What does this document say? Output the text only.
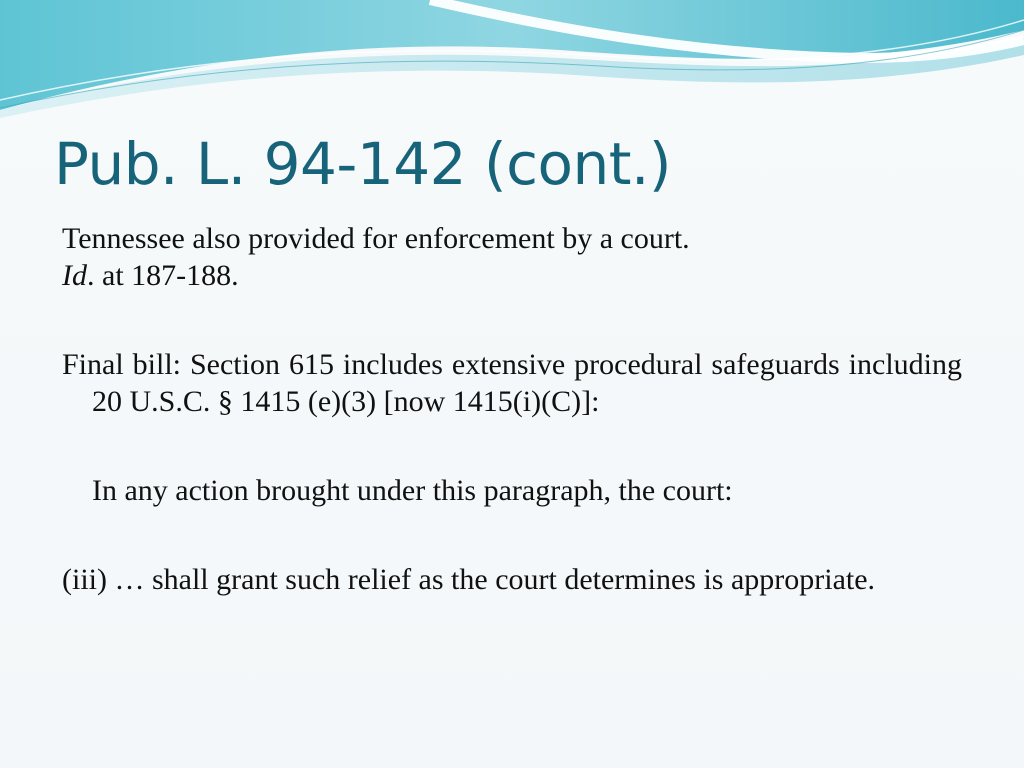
Pub. L. 94-142 (cont.)

Tennessee also provided for enforcement by a court.

Id. at 187-188.

Final bill: Section 615 includes extensive procedural safeguards including 20 U.S.C. § 1415 (e)(3) [now 1415(i)(C)]:

In any action brought under this paragraph, the court:

(iii) … shall grant such relief as the court determines is appropriate.
